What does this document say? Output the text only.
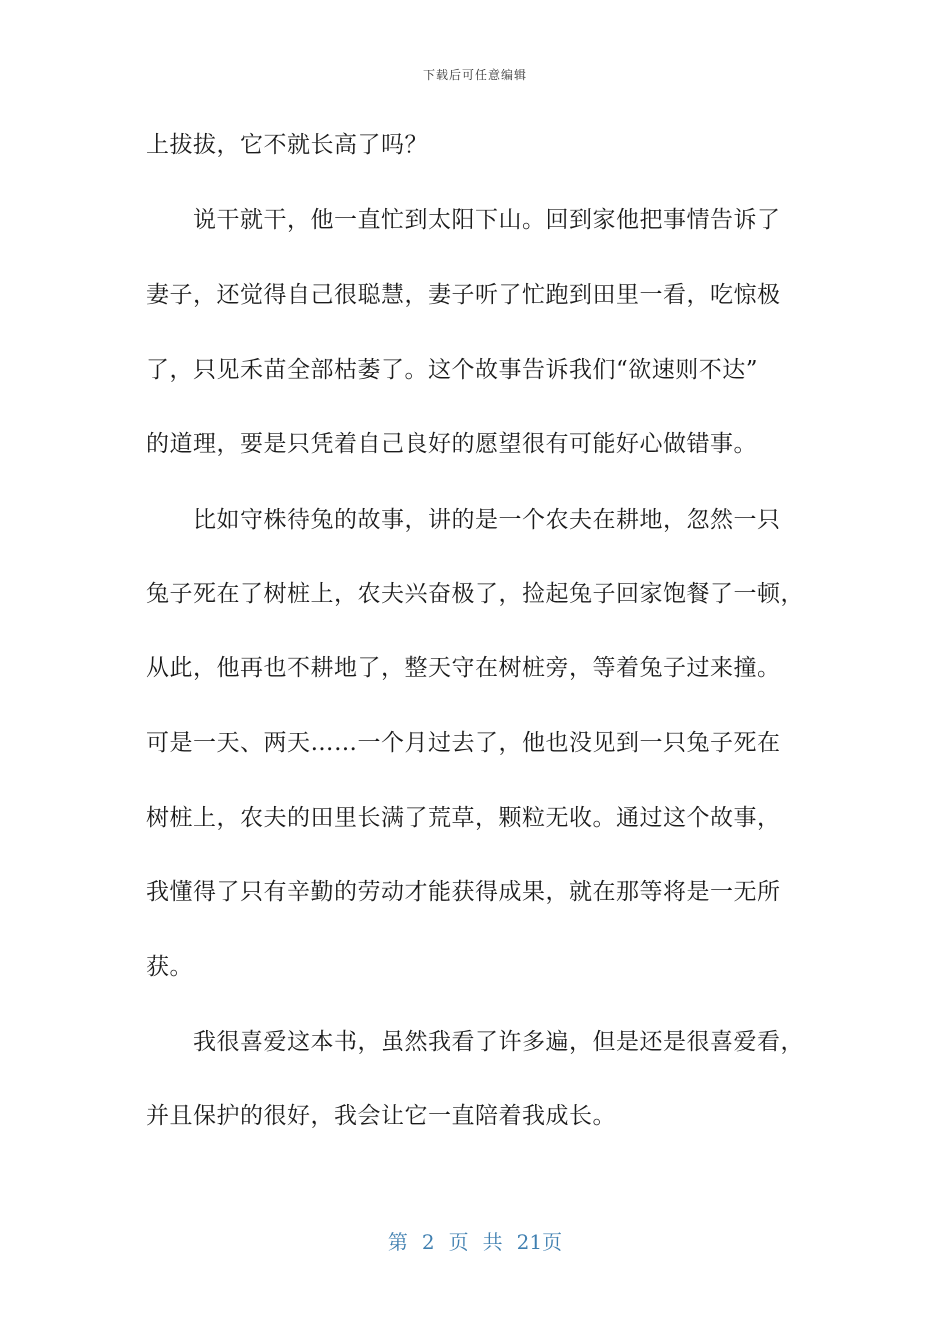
下载后可任意编辑
上拔拔，它不就长高了吗？
　　说干就干，他一直忙到太阳下山。回到家他把事情告诉了
妻子，还觉得自己很聪慧，妻子听了忙跑到田里一看，吃惊极
了，只见禾苗全部枯萎了。这个故事告诉我们“欲速则不达”
的道理，要是只凭着自己良好的愿望很有可能好心做错事。
　　比如守株待兔的故事，讲的是一个农夫在耕地，忽然一只
兔子死在了树桩上，农夫兴奋极了，捡起兔子回家饱餐了一顿，
从此，他再也不耕地了，整天守在树桩旁，等着兔子过来撞。
可是一天、两天……一个月过去了，他也没见到一只兔子死在
树桩上，农夫的田里长满了荒草，颗粒无收。通过这个故事，
我懂得了只有辛勤的劳动才能获得成果，就在那等将是一无所
获。
　　我很喜爱这本书，虽然我看了许多遍，但是还是很喜爱看，
并且保护的很好，我会让它一直陪着我成长。
第 2 页 共 21页
